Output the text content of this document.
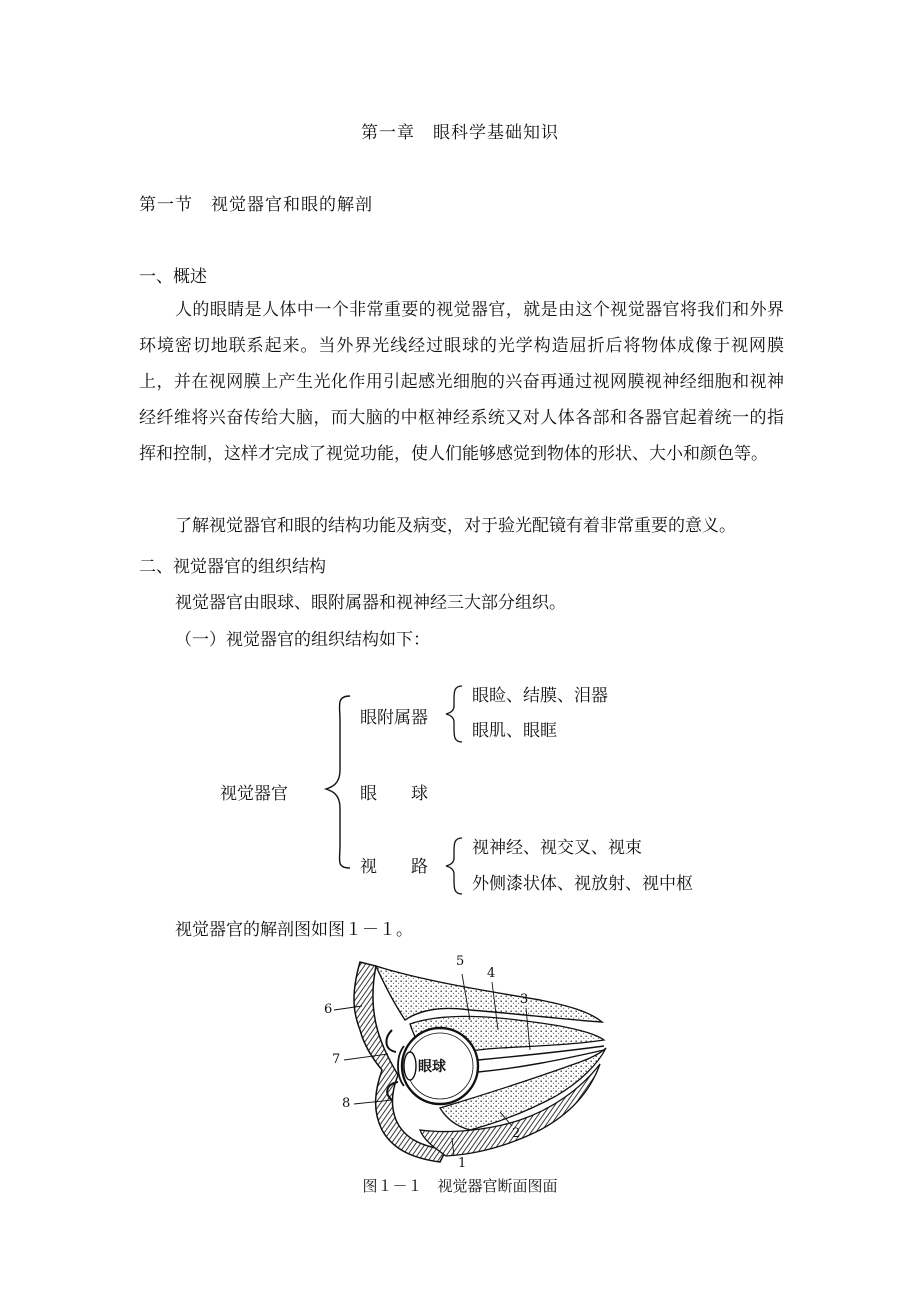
第一章　眼科学基础知识
第一节　视觉器官和眼的解剖
一、概述
人的眼睛是人体中一个非常重要的视觉器官，就是由这个视觉器官将我们和外界环境密切地联系起来。当外界光线经过眼球的光学构造屈折后将物体成像于视网膜上，并在视网膜上产生光化作用引起感光细胞的兴奋再通过视网膜视神经细胞和视神经纤维将兴奋传给大脑，而大脑的中枢神经系统又对人体各部和各器官起着统一的指挥和控制，这样才完成了视觉功能，使人们能够感觉到物体的形状、大小和颜色等。
了解视觉器官和眼的结构功能及病变，对于验光配镜有着非常重要的意义。
二、视觉器官的组织结构
视觉器官由眼球、眼附属器和视神经三大部分组织。
（一）视觉器官的组织结构如下：
视觉器官
眼附属器
眼睑、结膜、泪器
眼肌、眼眶
眼　　球
视　　路
视神经、视交叉、视束
外侧漆状体、视放射、视中枢
视觉器官的解剖图如图１－１。
眼球
1
2
3
4
5
6
7
8
图１－１　视觉器官断面图面
